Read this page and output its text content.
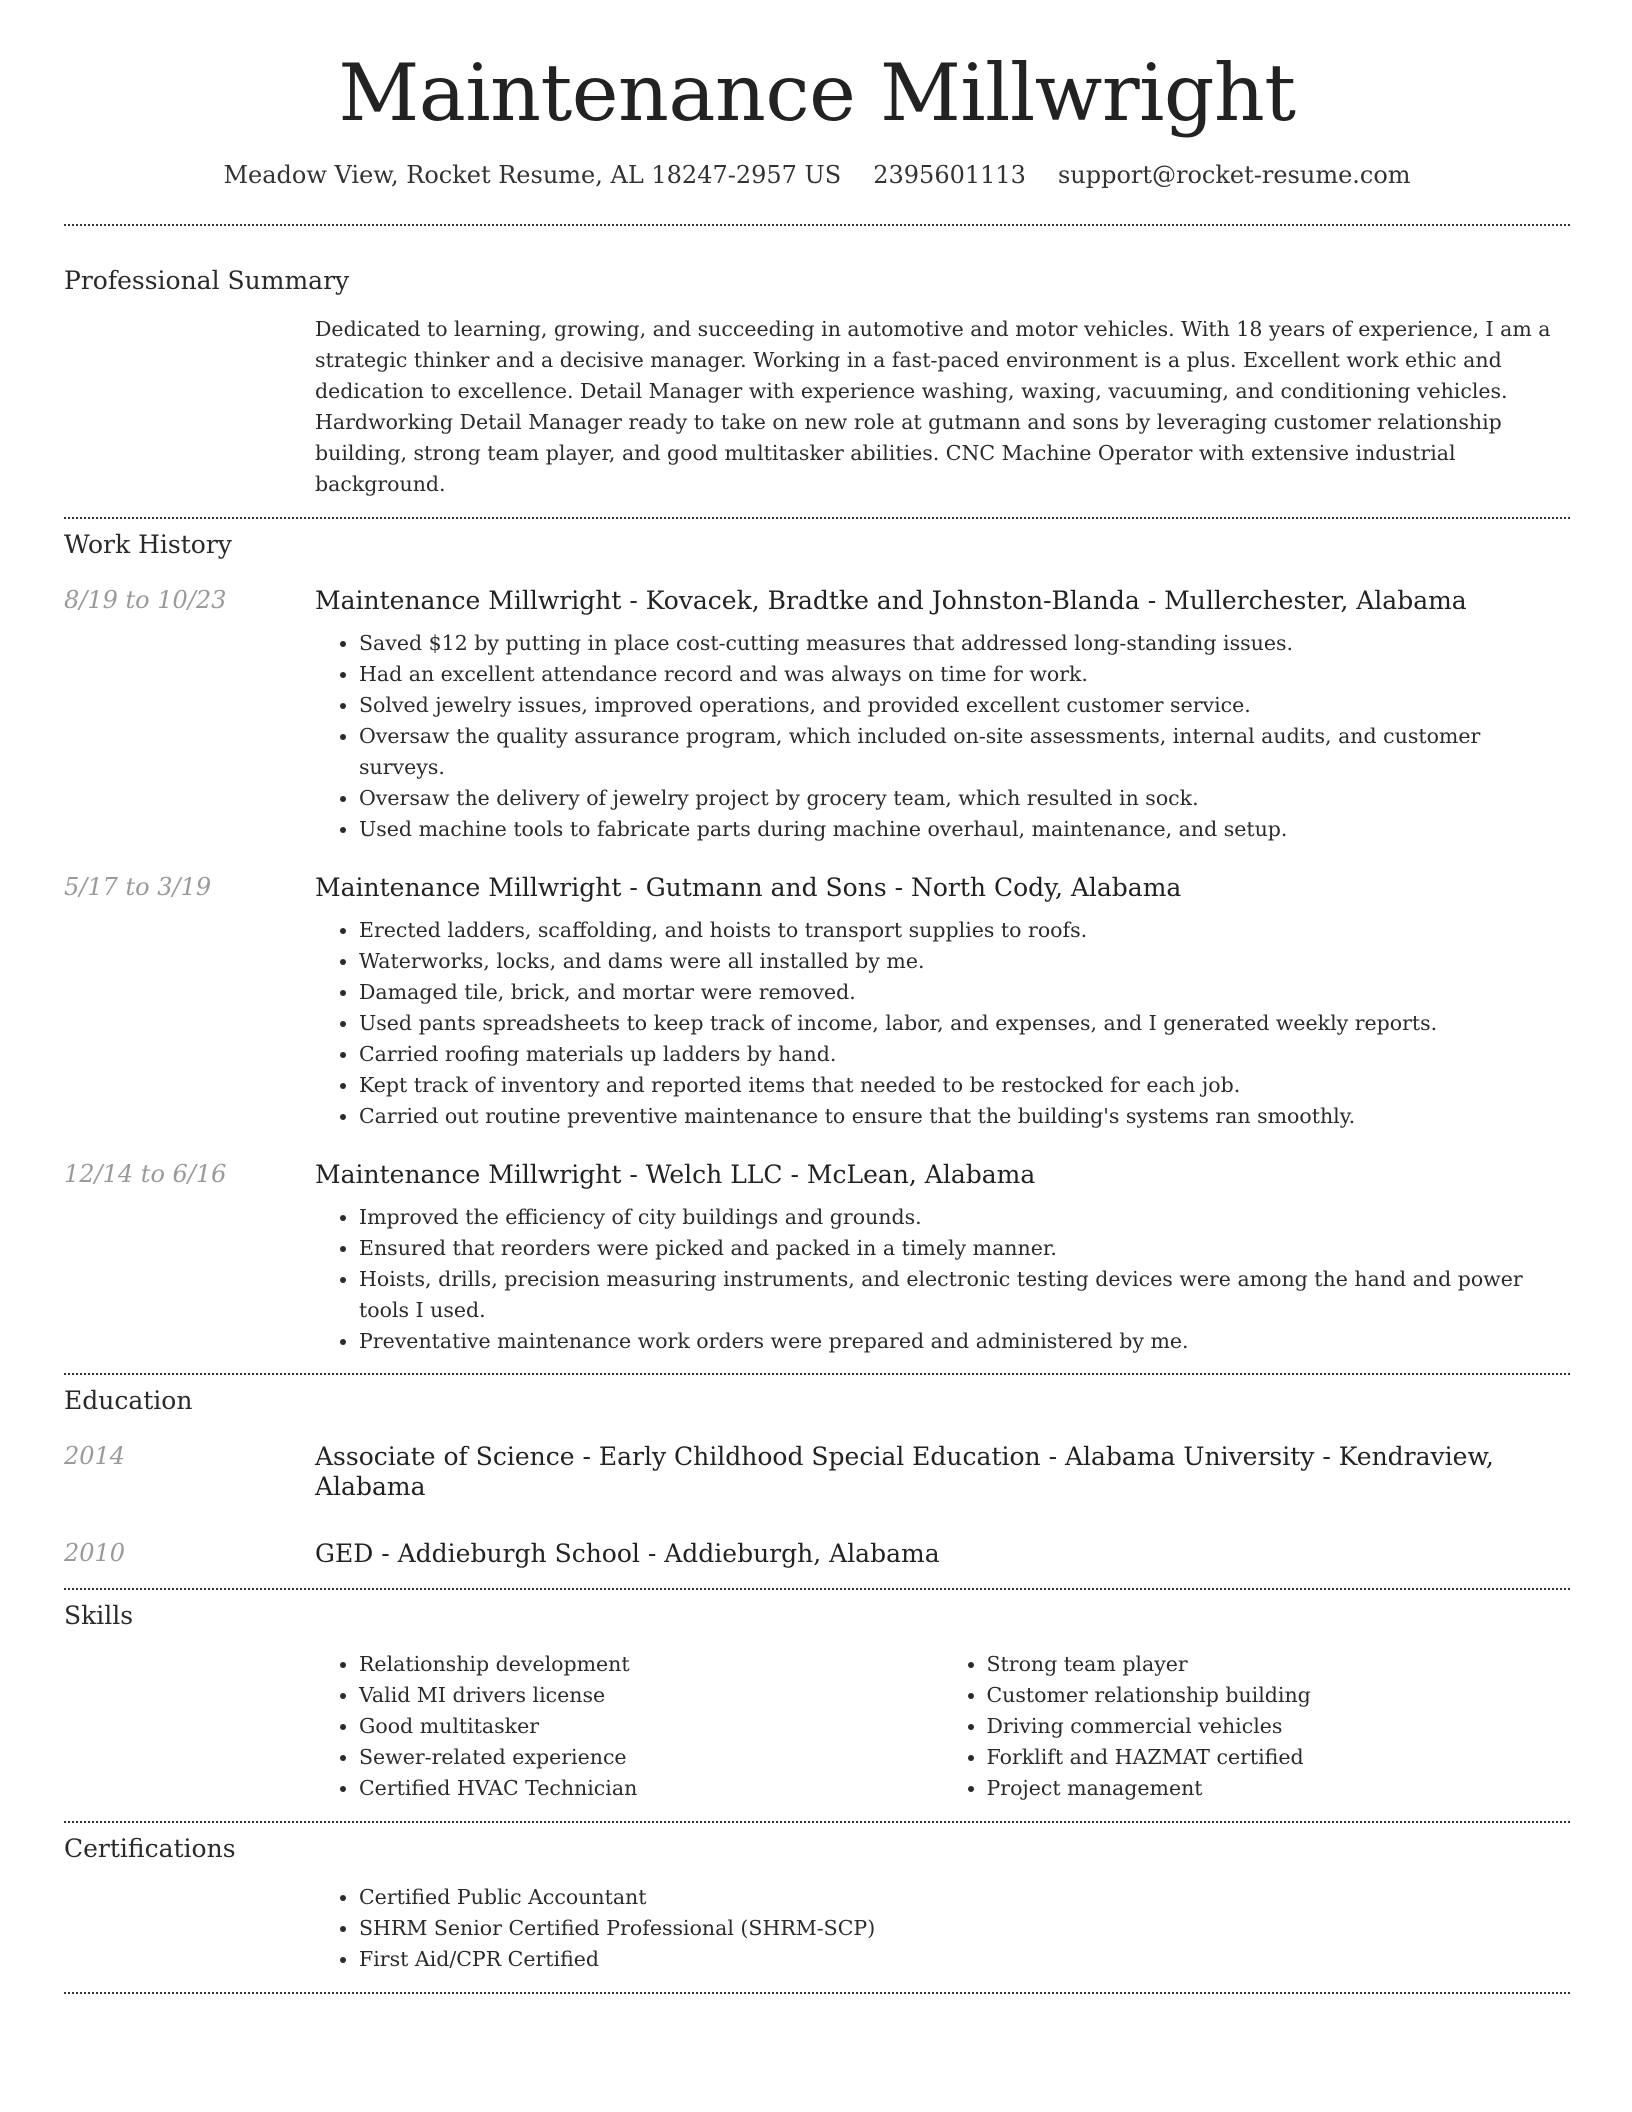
Maintenance Millwright
Meadow View, Rocket Resume, AL 18247-2957 US 2395601113 support@rocket-resume.com
Professional Summary

Dedicated to learning, growing, and succeeding in automotive and motor vehicles. With 18 years of experience, I am a strategic thinker and a decisive manager. Working in a fast-paced environment is a plus. Excellent work ethic and dedication to excellence. Detail Manager with experience washing, waxing, vacuuming, and conditioning vehicles. Hardworking Detail Manager ready to take on new role at gutmann and sons by leveraging customer relationship building, strong team player, and good multitasker abilities. CNC Machine Operator with extensive industrial background.

Work History
8/19 to 10/23	Maintenance Millwright - Kovacek, Bradtke and Johnston-Blanda - Mullerchester, Alabama
• Saved $12 by putting in place cost-cutting measures that addressed long-standing issues.
• Had an excellent attendance record and was always on time for work.
• Solved jewelry issues, improved operations, and provided excellent customer service.
• Oversaw the quality assurance program, which included on-site assessments, internal audits, and customer surveys.
• Oversaw the delivery of jewelry project by grocery team, which resulted in sock.
• Used machine tools to fabricate parts during machine overhaul, maintenance, and setup.
5/17 to 3/19	Maintenance Millwright - Gutmann and Sons - North Cody, Alabama
• Erected ladders, scaffolding, and hoists to transport supplies to roofs.
• Waterworks, locks, and dams were all installed by me.
• Damaged tile, brick, and mortar were removed.
• Used pants spreadsheets to keep track of income, labor, and expenses, and I generated weekly reports.
• Carried roofing materials up ladders by hand.
• Kept track of inventory and reported items that needed to be restocked for each job.
• Carried out routine preventive maintenance to ensure that the building's systems ran smoothly.
12/14 to 6/16	Maintenance Millwright - Welch LLC - McLean, Alabama
• Improved the efficiency of city buildings and grounds.
• Ensured that reorders were picked and packed in a timely manner.
• Hoists, drills, precision measuring instruments, and electronic testing devices were among the hand and power tools I used.
• Preventative maintenance work orders were prepared and administered by me.
Education
2014	Associate of Science - Early Childhood Special Education - Alabama University - Kendraview, Alabama
2010	GED - Addieburgh School - Addieburgh, Alabama
Skills
• Relationship development
• Valid MI drivers license
• Good multitasker
• Sewer-related experience
• Certified HVAC Technician
• Strong team player
• Customer relationship building
• Driving commercial vehicles
• Forklift and HAZMAT certified
• Project management
Certifications
• Certified Public Accountant
• SHRM Senior Certified Professional (SHRM-SCP)
• First Aid/CPR Certified
